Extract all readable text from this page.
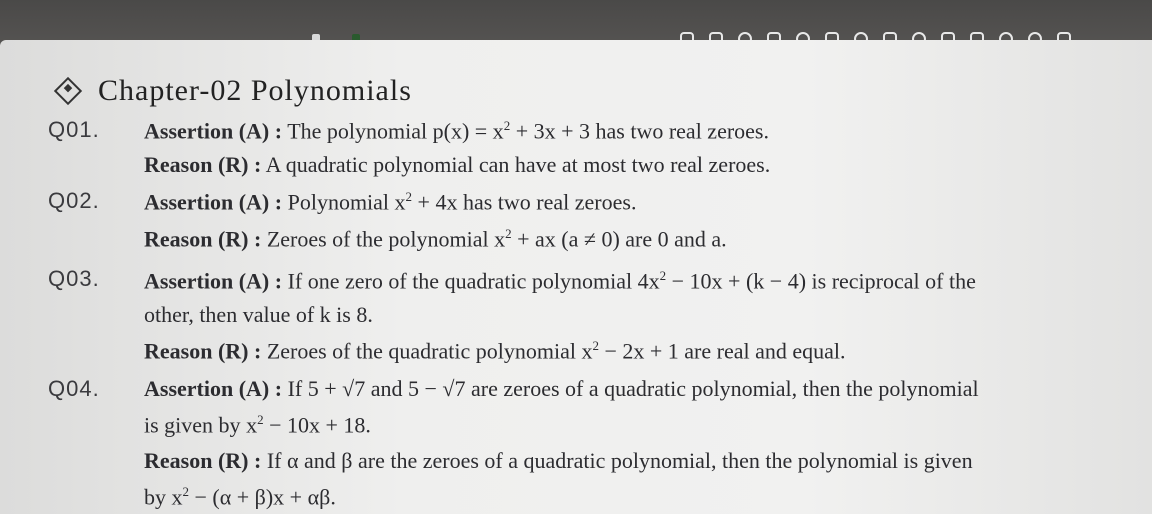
Chapter-02 Polynomials
Q01. Assertion (A) : The polynomial $p(x) = x^2 + 3x + 3$ has two real zeroes.
Reason (R) : A quadratic polynomial can have at most two real zeroes.
Q02. Assertion (A) : Polynomial $x^2 + 4x$ has two real zeroes.
Reason (R) : Zeroes of the polynomial $x^2$ + ax (a ≠ 0) are 0 and a.
Q03. Assertion (A) : If one zero of the quadratic polynomial $4x^2 - 10x + (k - 4)$ is reciprocal of the
other, then value of k is 8.
Reason (R) : Zeroes of the quadratic polynomial $x^2 - 2x + 1$ are real and equal.
Q04. Assertion (A) : If 5 + √7 and 5 − √7 are zeroes of a quadratic polynomial, then the polynomial
is given by $x^2 - 10x + 18$.
Reason (R) : If α and β are the zeroes of a quadratic polynomial, then the polynomial is given
by $x^2 - (\alpha + \beta)x + \alpha\beta$.
